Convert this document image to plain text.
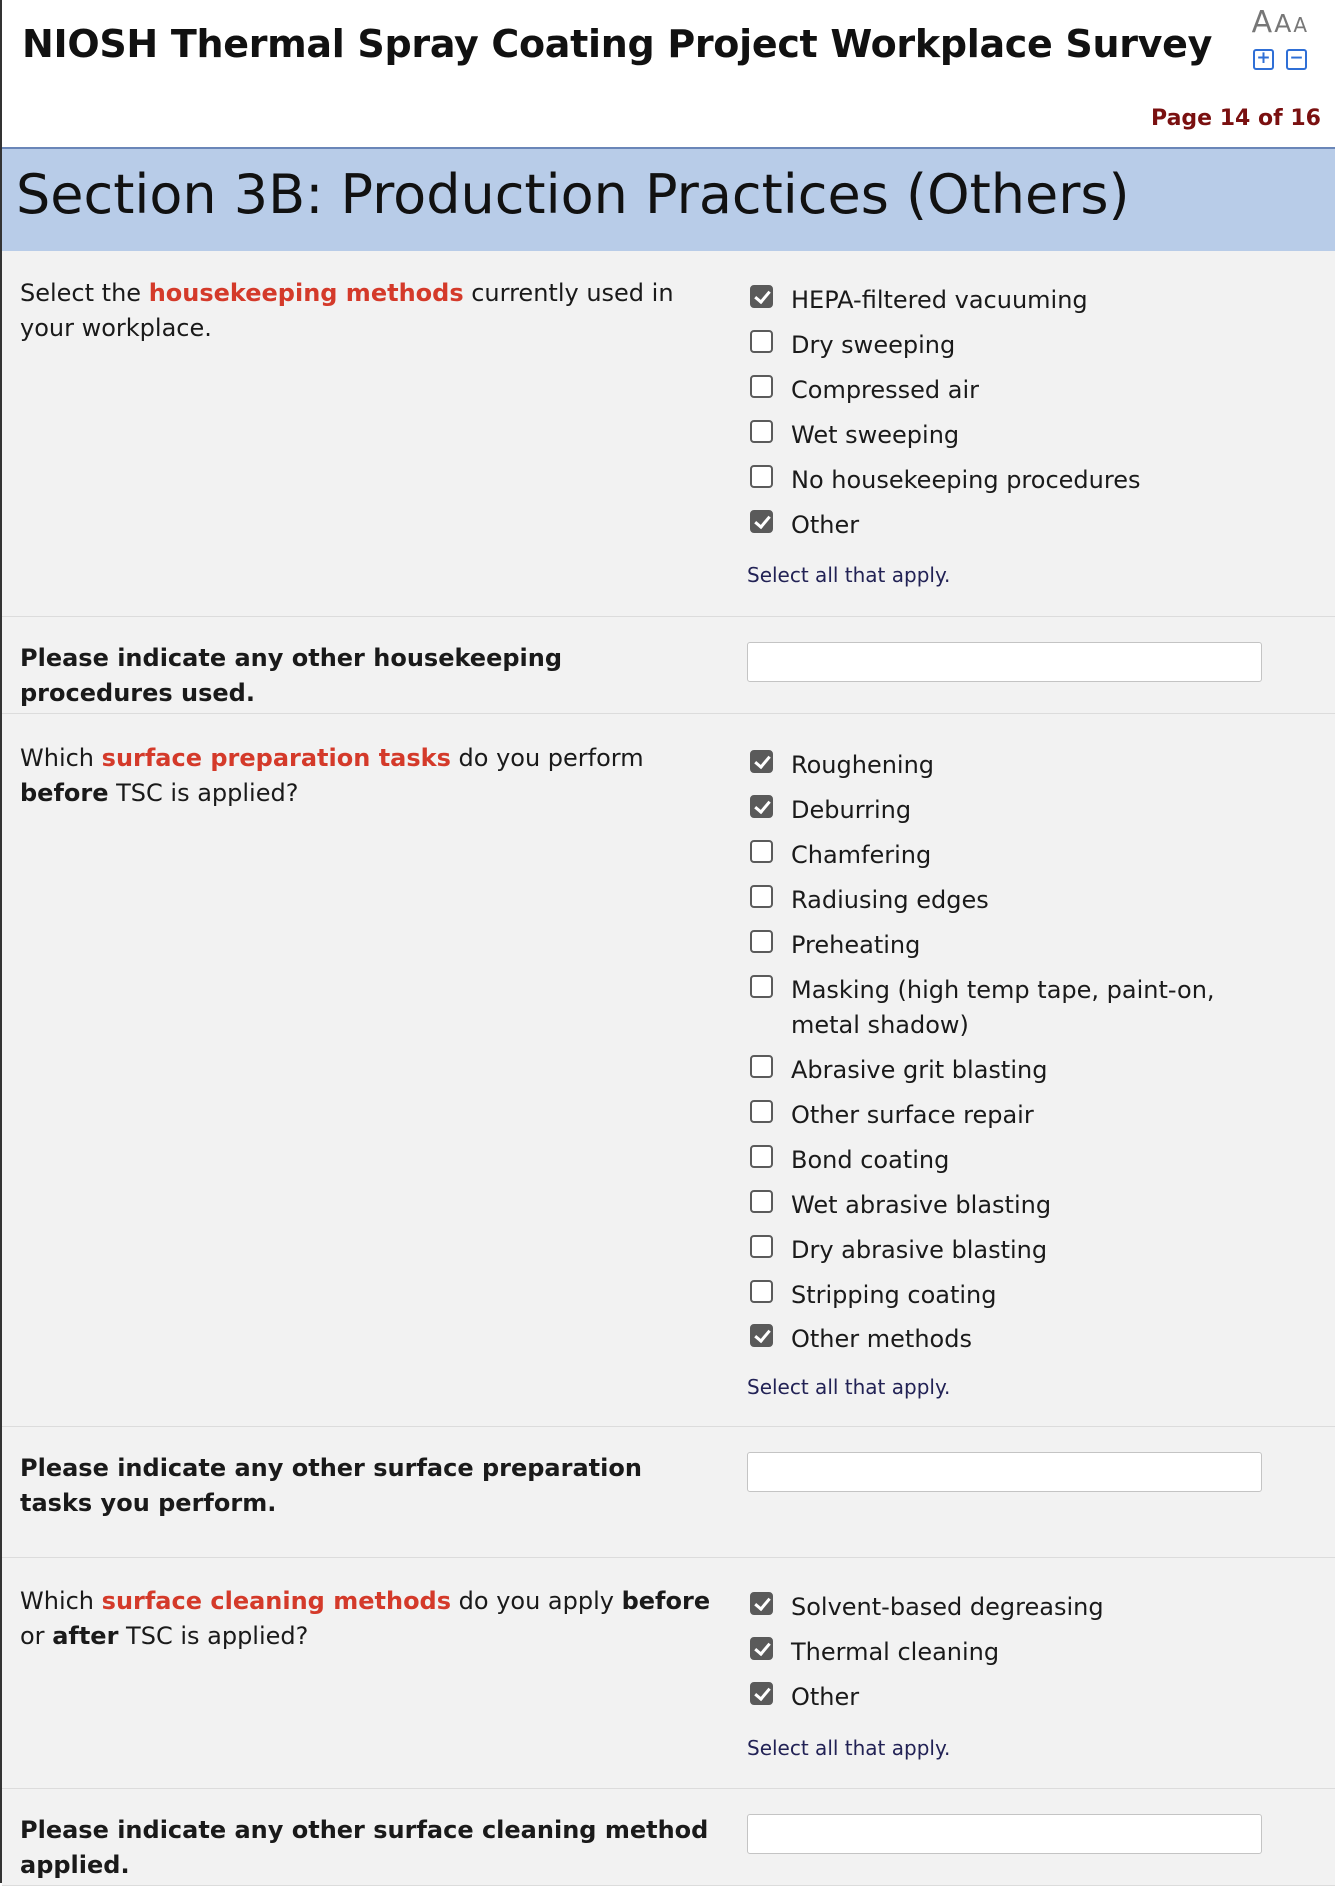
NIOSH Thermal Spray Coating Project Workplace Survey	AA A
+ −
Page 14 of 16
Section 3B: Production Practices (Others)
Select the housekeeping methods currently used in your workplace.
HEPA-filtered vacuuming
Dry sweeping
Compressed air
Wet sweeping
No housekeeping procedures
Other
Select all that apply.
Please indicate any other housekeeping procedures used.
Which surface preparation tasks do you perform before TSC is applied?
Roughening
Deburring
Chamfering
Radiusing edges
Preheating
Masking (high temp tape, paint-on, metal shadow)
Abrasive grit blasting
Other surface repair
Bond coating
Wet abrasive blasting
Dry abrasive blasting
Stripping coating
Other methods
Select all that apply.
Please indicate any other surface preparation tasks you perform.
Which surface cleaning methods do you apply before or after TSC is applied?
Solvent-based degreasing
Thermal cleaning
Other
Select all that apply.
Please indicate any other surface cleaning method applied.
